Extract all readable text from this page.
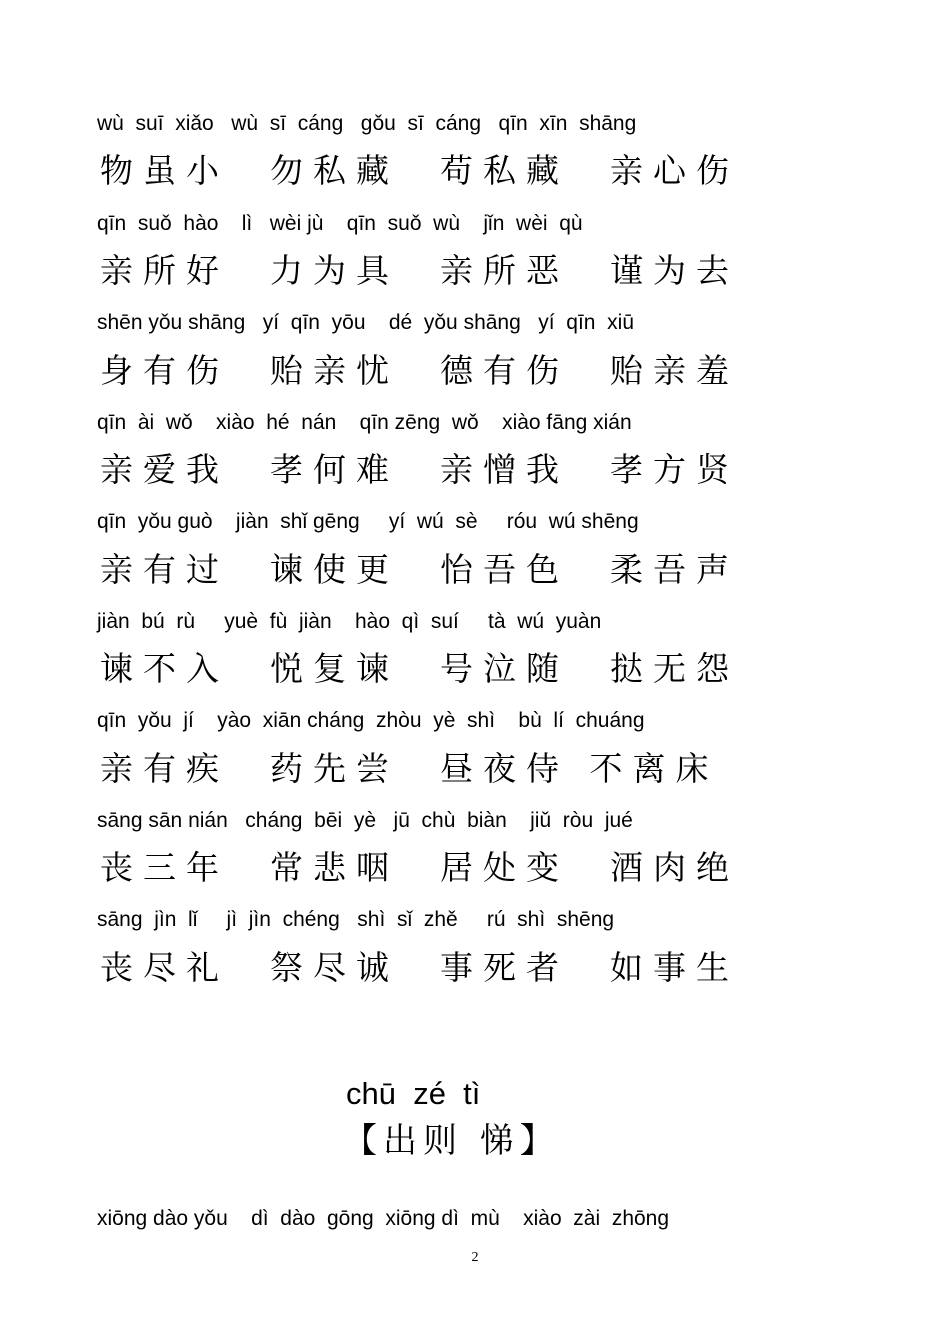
wù  suī  xiǎo   wù  sī  cáng   gǒu  sī  cáng   qīn  xīn  shāng
物虽小  勿私藏  苟私藏  亲心伤
qīn  suǒ  hào    lì   wèi jù    qīn  suǒ  wù    jǐn  wèi  qù
亲所好  力为具  亲所恶  谨为去
shēn yǒu shāng   yí  qīn  yōu    dé  yǒu shāng   yí  qīn  xiū
身有伤  贻亲忧  德有伤  贻亲羞
qīn  ài  wǒ    xiào  hé  nán    qīn zēng  wǒ    xiào fāng xián
亲爱我  孝何难  亲憎我  孝方贤
qīn  yǒu guò    jiàn  shǐ gēng     yí  wú  sè     róu  wú shēng
亲有过  谏使更  怡吾色  柔吾声
jiàn  bú  rù     yuè  fù  jiàn    hào  qì  suí     tà  wú  yuàn
谏不入  悦复谏  号泣随  挞无怨
qīn  yǒu  jí    yào  xiān cháng  zhòu  yè  shì    bù  lí  chuáng
亲有疾  药先尝  昼夜侍 不离床
sāng sān nián   cháng  bēi  yè   jū  chù  biàn    jiǔ  ròu  jué
丧三年  常悲咽  居处变  酒肉绝
sāng  jìn  lǐ     jì  jìn  chéng   shì  sǐ  zhě     rú  shì  shēng
丧尽礼  祭尽诚  事死者  如事生
chū  zé  tì
【出则 悌】
xiōng dào yǒu    dì  dào  gōng  xiōng dì  mù    xiào  zài  zhōng
2
